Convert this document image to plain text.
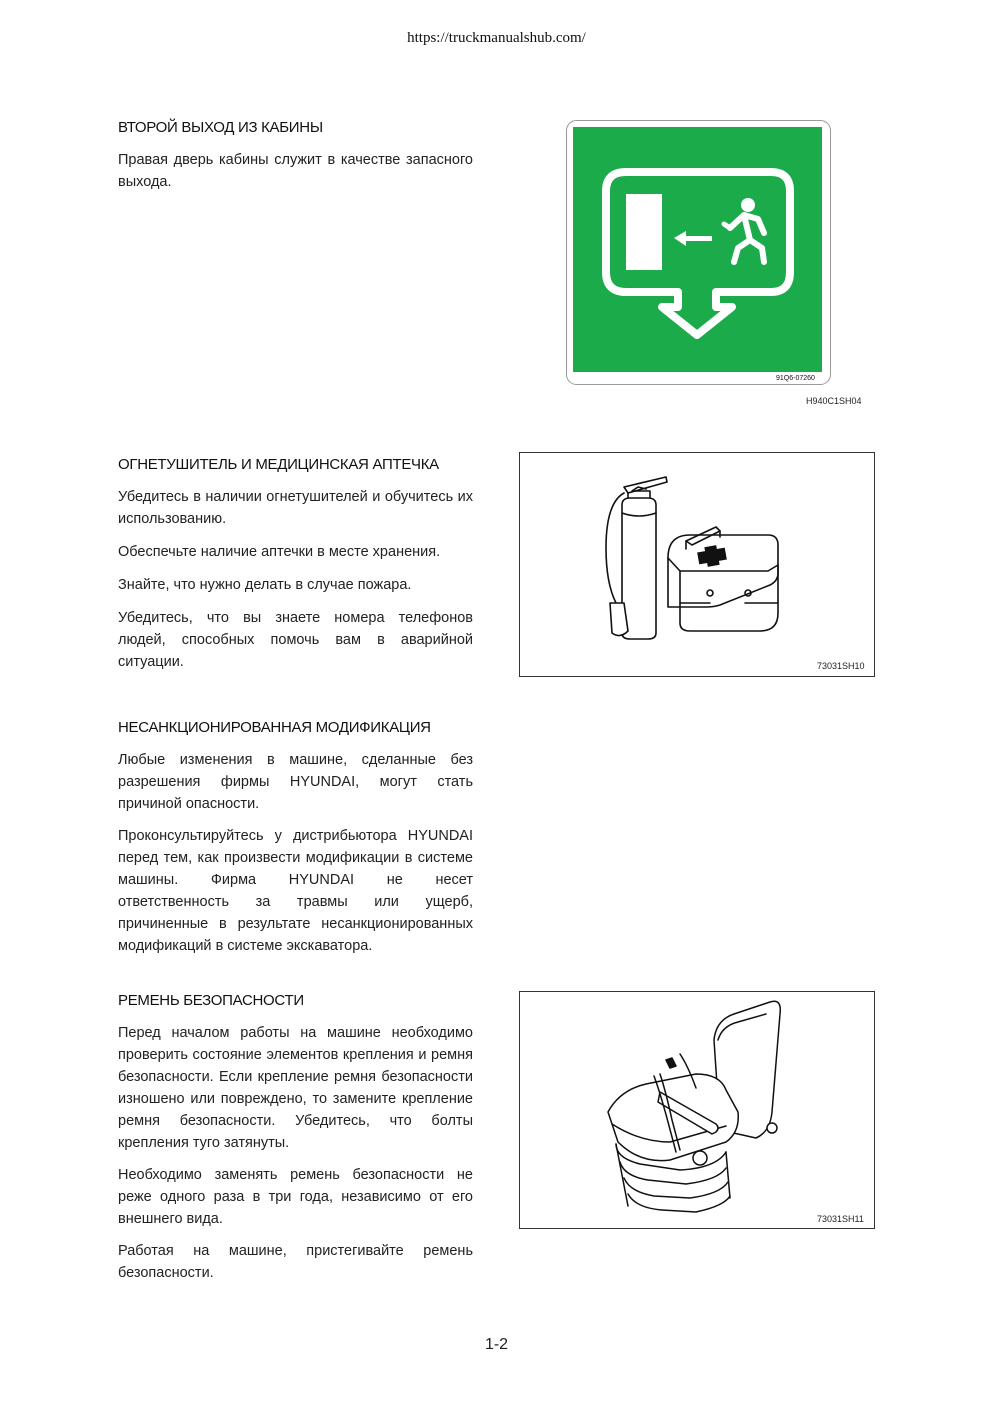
https://truckmanualshub.com/
ВТОРОЙ ВЫХОД ИЗ КАБИНЫ

Правая дверь кабины служит в качестве запасного выхода.

91Q6-07260
H940C1SH04
ОГНЕТУШИТЕЛЬ И МЕДИЦИНСКАЯ АПТЕЧКА

Убедитесь в наличии огнетушителей и обучитесь их использованию.

Обеспечьте наличие аптечки в месте хранения.

Знайте, что нужно делать в случае пожара.

Убедитесь, что вы знаете номера телефонов людей, способных помочь вам в аварийной ситуации.	73031SH10
НЕСАНКЦИОНИРОВАННАЯ МОДИФИКАЦИЯ

Любые изменения в машине, сделанные без разрешения фирмы HYUNDAI, могут стать причиной опасности.

Проконсультируйтесь у дистрибьютора HYUNDAI перед тем, как произвести модификации в системе машины. Фирма HYUNDAI не несет ответственность за травмы или ущерб, причиненные в результате несанкционированных модификаций в системе экскаватора.

РЕМЕНЬ БЕЗОПАСНОСТИ

Перед началом работы на машине необходимо проверить состояние элементов крепления и ремня безопасности. Если крепление ремня безопасности изношено или повреждено, то замените крепление ремня безопасности. Убедитесь, что болты крепления туго затянуты.

Необходимо заменять ремень безопасности не реже одного раза в три года, независимо от его внешнего вида.

Работая на машине, пристегивайте ремень безопасности.

73031SH11
1-2
